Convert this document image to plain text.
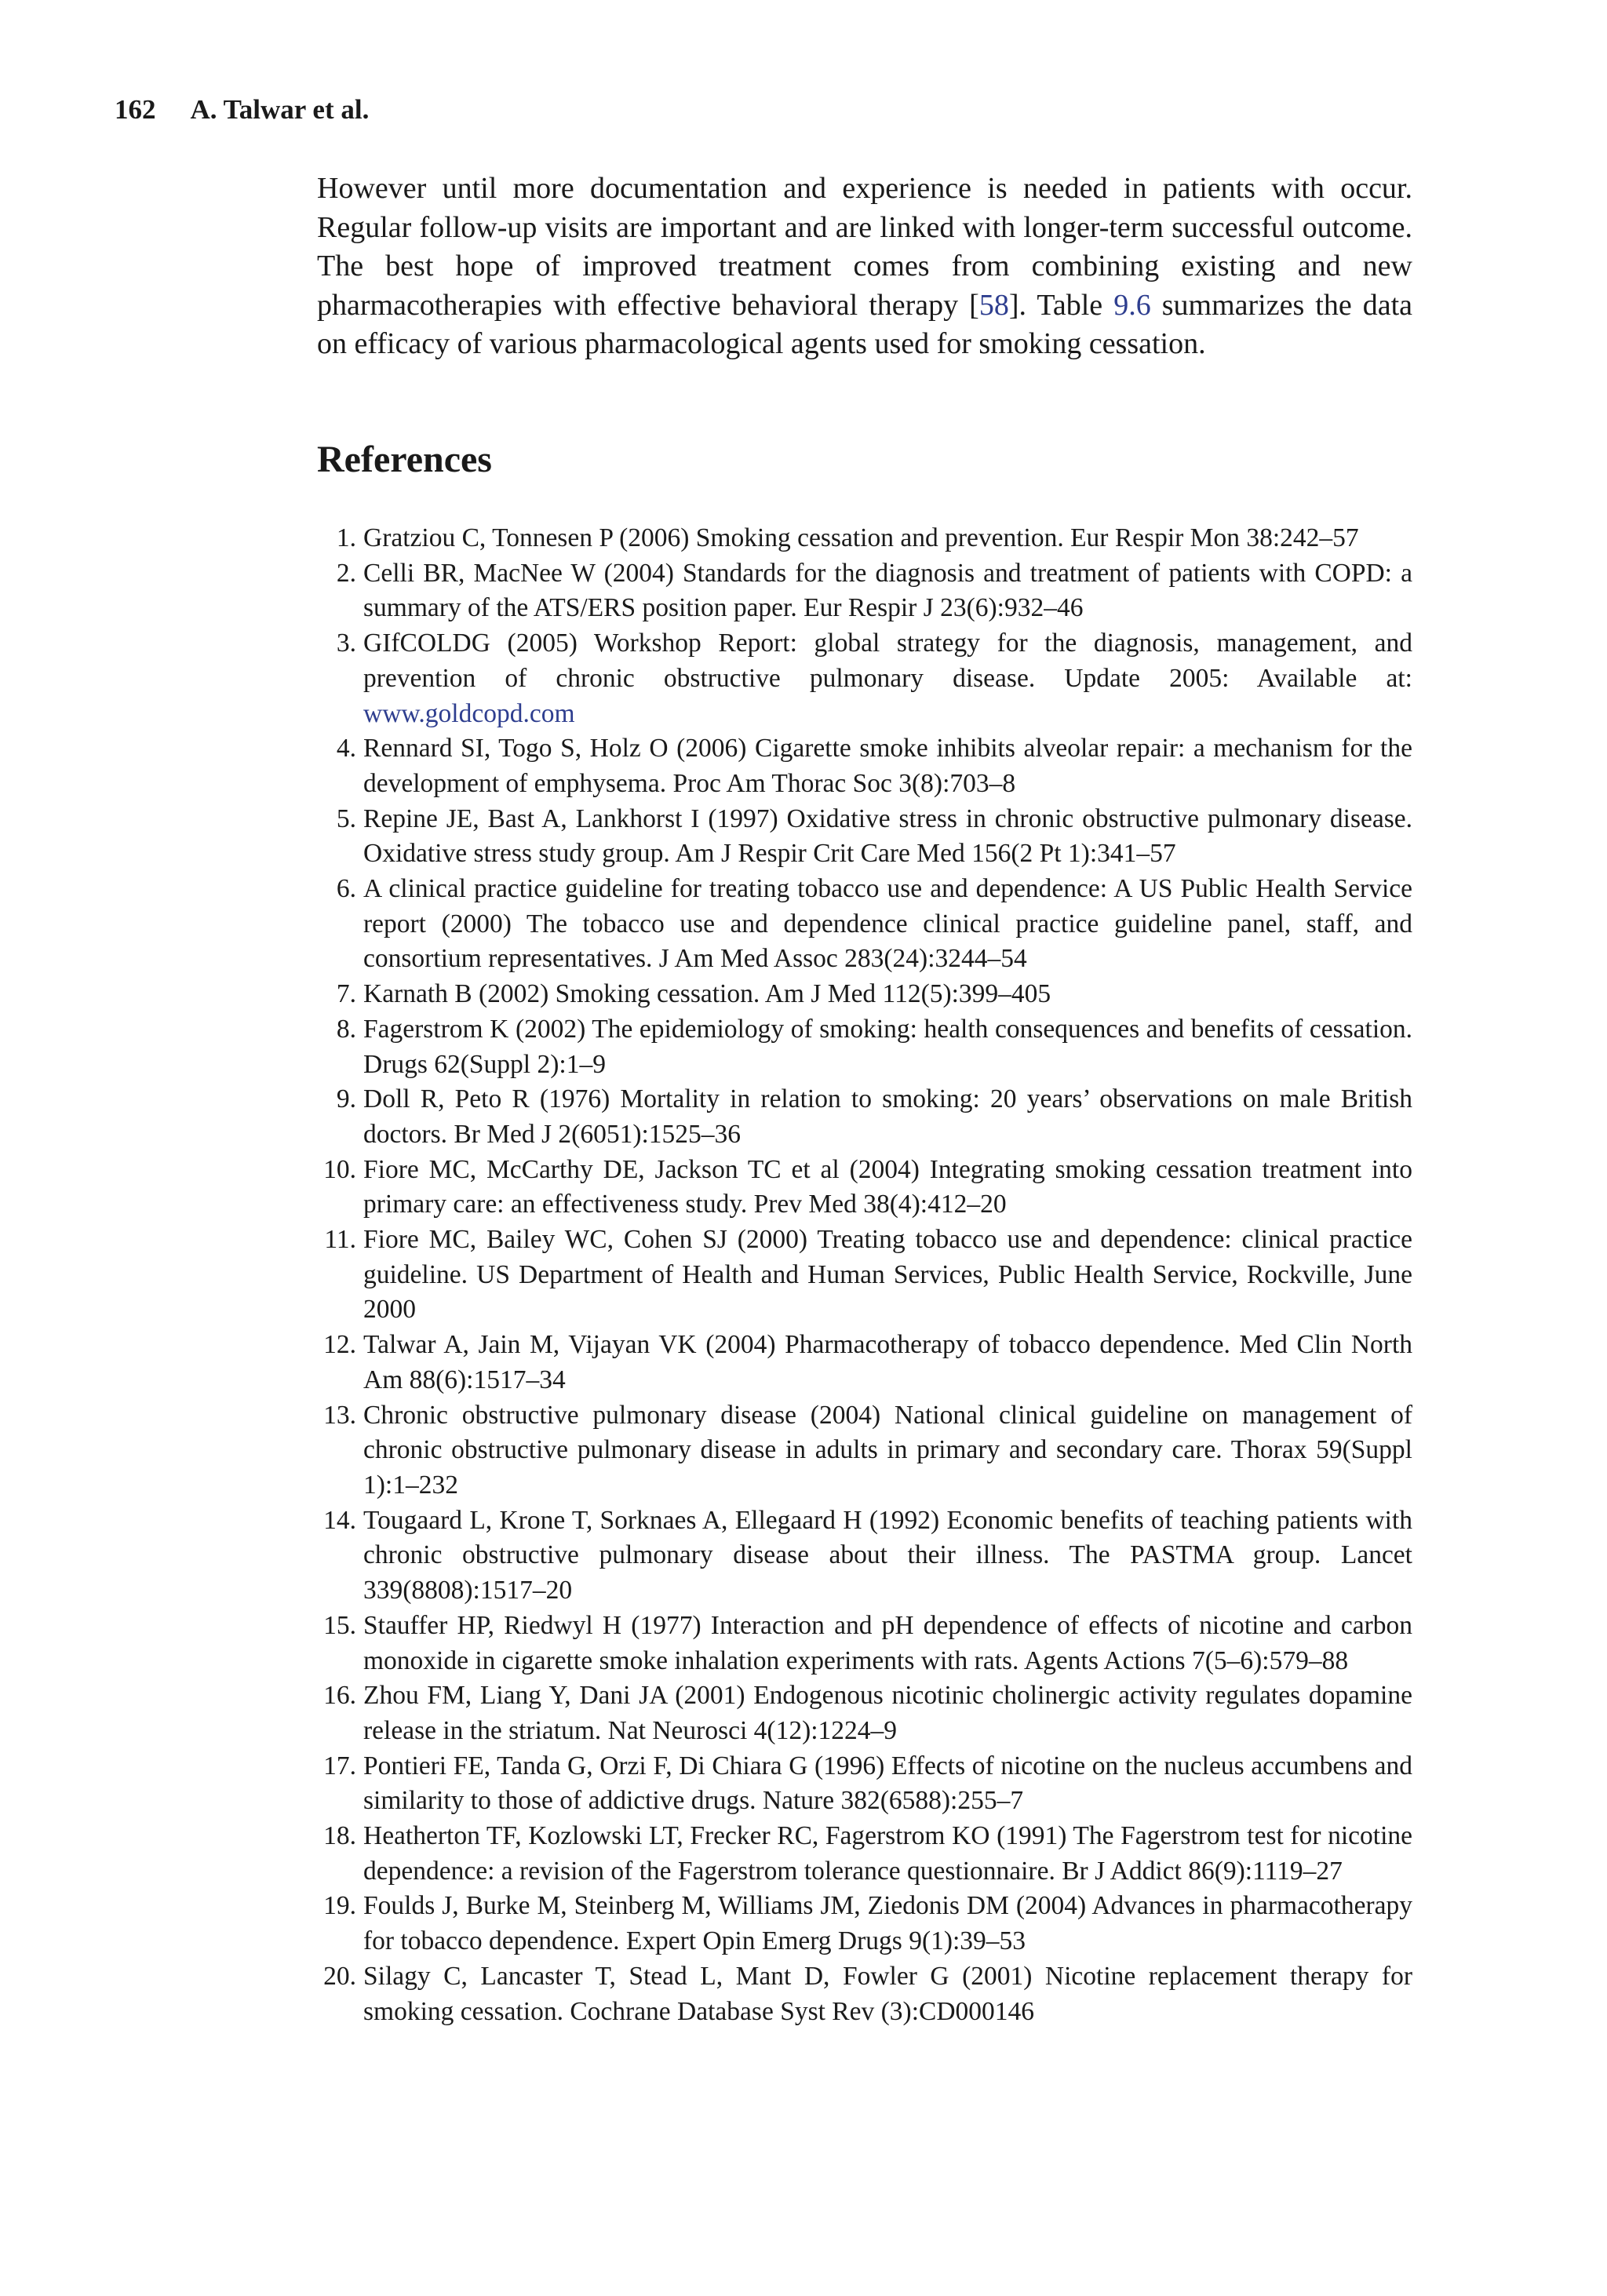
162 A. Talwar et al.

However until more documentation and experience is needed in patients with occur. Regular follow-up visits are important and are linked with longer-term successful outcome. The best hope of improved treatment comes from combining existing and new pharmacotherapies with effective behavioral therapy [58]. Table 9.6 summarizes the data on efficacy of various pharmacological agents used for smoking cessation.

References
1. Gratziou C, Tonnesen P (2006) Smoking cessation and prevention. Eur Respir Mon 38:242–57
2. Celli BR, MacNee W (2004) Standards for the diagnosis and treatment of patients with COPD: a summary of the ATS/ERS position paper. Eur Respir J 23(6):932–46
3. GIfCOLDG (2005) Workshop Report: global strategy for the diagnosis, management, and prevention of chronic obstructive pulmonary disease. Update 2005: Available at: www.goldcopd.com
4. Rennard SI, Togo S, Holz O (2006) Cigarette smoke inhibits alveolar repair: a mechanism for the development of emphysema. Proc Am Thorac Soc 3(8):703–8
5. Repine JE, Bast A, Lankhorst I (1997) Oxidative stress in chronic obstructive pulmonary disease. Oxidative stress study group. Am J Respir Crit Care Med 156(2 Pt 1):341–57
6. A clinical practice guideline for treating tobacco use and dependence: A US Public Health Service report (2000) The tobacco use and dependence clinical practice guideline panel, staff, and consortium representatives. J Am Med Assoc 283(24):3244–54
7. Karnath B (2002) Smoking cessation. Am J Med 112(5):399–405
8. Fagerstrom K (2002) The epidemiology of smoking: health consequences and benefits of cessation. Drugs 62(Suppl 2):1–9
9. Doll R, Peto R (1976) Mortality in relation to smoking: 20 years’ observations on male British doctors. Br Med J 2(6051):1525–36
10. Fiore MC, McCarthy DE, Jackson TC et al (2004) Integrating smoking cessation treatment into primary care: an effectiveness study. Prev Med 38(4):412–20
11. Fiore MC, Bailey WC, Cohen SJ (2000) Treating tobacco use and dependence: clinical practice guideline. US Department of Health and Human Services, Public Health Service, Rockville, June 2000
12. Talwar A, Jain M, Vijayan VK (2004) Pharmacotherapy of tobacco dependence. Med Clin North Am 88(6):1517–34
13. Chronic obstructive pulmonary disease (2004) National clinical guideline on management of chronic obstructive pulmonary disease in adults in primary and secondary care. Thorax 59(Suppl 1):1–232
14. Tougaard L, Krone T, Sorknaes A, Ellegaard H (1992) Economic benefits of teaching patients with chronic obstructive pulmonary disease about their illness. The PASTMA group. Lancet 339(8808):1517–20
15. Stauffer HP, Riedwyl H (1977) Interaction and pH dependence of effects of nicotine and carbon monoxide in cigarette smoke inhalation experiments with rats. Agents Actions 7(5–6):579–88
16. Zhou FM, Liang Y, Dani JA (2001) Endogenous nicotinic cholinergic activity regulates dopamine release in the striatum. Nat Neurosci 4(12):1224–9
17. Pontieri FE, Tanda G, Orzi F, Di Chiara G (1996) Effects of nicotine on the nucleus accumbens and similarity to those of addictive drugs. Nature 382(6588):255–7
18. Heatherton TF, Kozlowski LT, Frecker RC, Fagerstrom KO (1991) The Fagerstrom test for nicotine dependence: a revision of the Fagerstrom tolerance questionnaire. Br J Addict 86(9):1119–27
19. Foulds J, Burke M, Steinberg M, Williams JM, Ziedonis DM (2004) Advances in pharmacotherapy for tobacco dependence. Expert Opin Emerg Drugs 9(1):39–53
20. Silagy C, Lancaster T, Stead L, Mant D, Fowler G (2001) Nicotine replacement therapy for smoking cessation. Cochrane Database Syst Rev (3):CD000146
